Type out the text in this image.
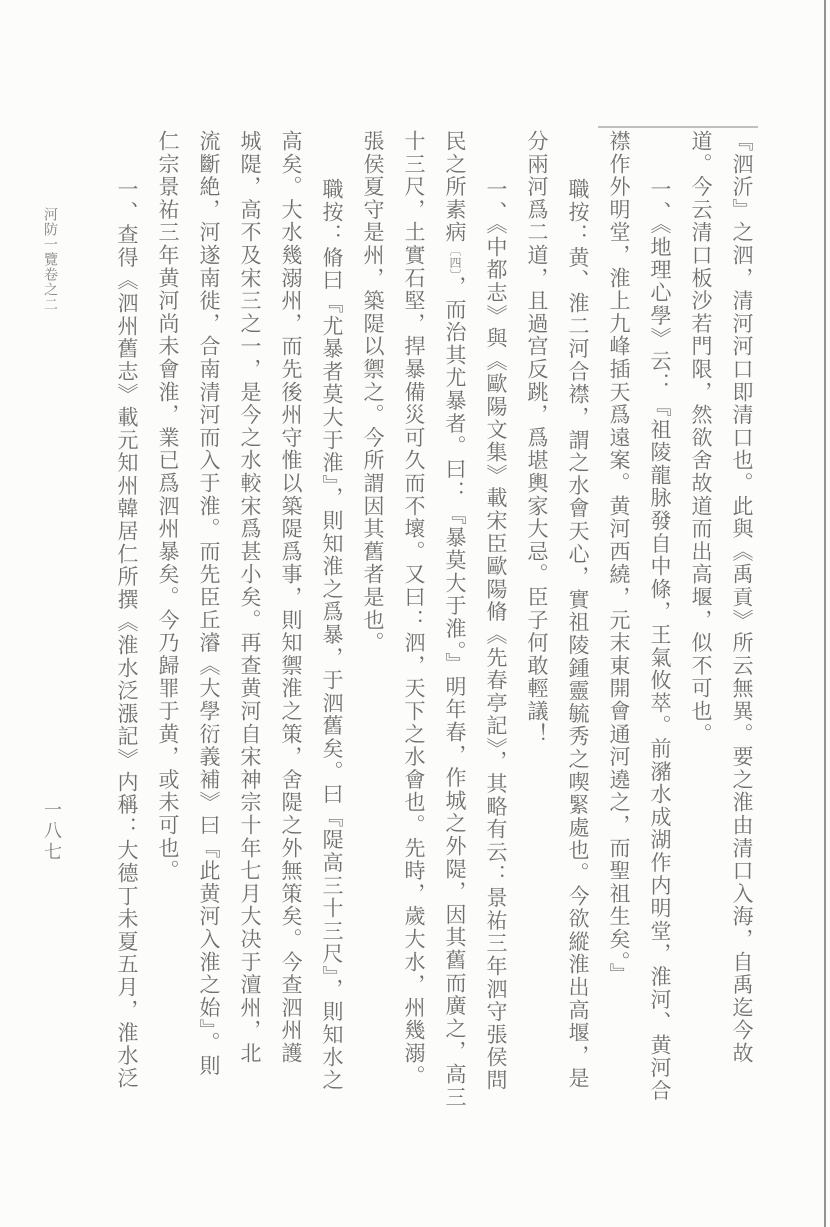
河防一覽卷之二
一八七	『泗沂』之泗，清河河口即清口也。此與《禹貢》所云無異。要之淮由清口入海，自禹迄今故
道。今云清口板沙若門限，然欲舍故道而出高堰，似不可也。
一、《地理心學》云：『祖陵龍脉發自中條，王氣攸萃。前瀦水成湖作内明堂，淮河、黄河合
襟作外明堂，淮上九峰插天爲遠案。黄河西繞，元末東開會通河遶之，而聖祖生矣。』
職按：黄、淮二河合襟，謂之水會天心，實祖陵鍾靈毓秀之喫緊處也。今欲縱淮出高堰，是
分兩河爲二道，且過宫反跳，爲堪輿家大忌。臣子何敢輕議！
一、《中都志》與《歐陽文集》載宋臣歐陽脩《先春亭記》，其略有云：景祐三年泗守張侯問
民之所素病〔四〕，而治其尤暴者。曰：『暴莫大于淮。』明年春，作城之外隄，因其舊而廣之，高三
十三尺，土實石堅，捍暴備災可久而不壞。又曰：泗，天下之水會也。先時，歲大水，州幾溺。
張侯夏守是州，築隄以禦之。今所謂因其舊者是也。
職按：脩曰『尤暴者莫大于淮』，則知淮之爲暴，于泗舊矣。曰『隄高三十三尺』，則知水之
高矣。大水幾溺州，而先後州守惟以築隄爲事，則知禦淮之策，舍隄之外無策矣。今查泗州護
城隄，高不及宋三之一，是今之水較宋爲甚小矣。再查黄河自宋神宗十年七月大决于澶州，北
流斷絶，河遂南徙，合南清河而入于淮。而先臣丘濬《大學衍義補》曰『此黄河入淮之始』。則
仁宗景祐三年黄河尚未會淮，業已爲泗州暴矣。今乃歸罪于黄，或未可也。
一、查得《泗州舊志》載元知州韓居仁所撰《淮水泛漲記》内稱：大德丁未夏五月，淮水泛
